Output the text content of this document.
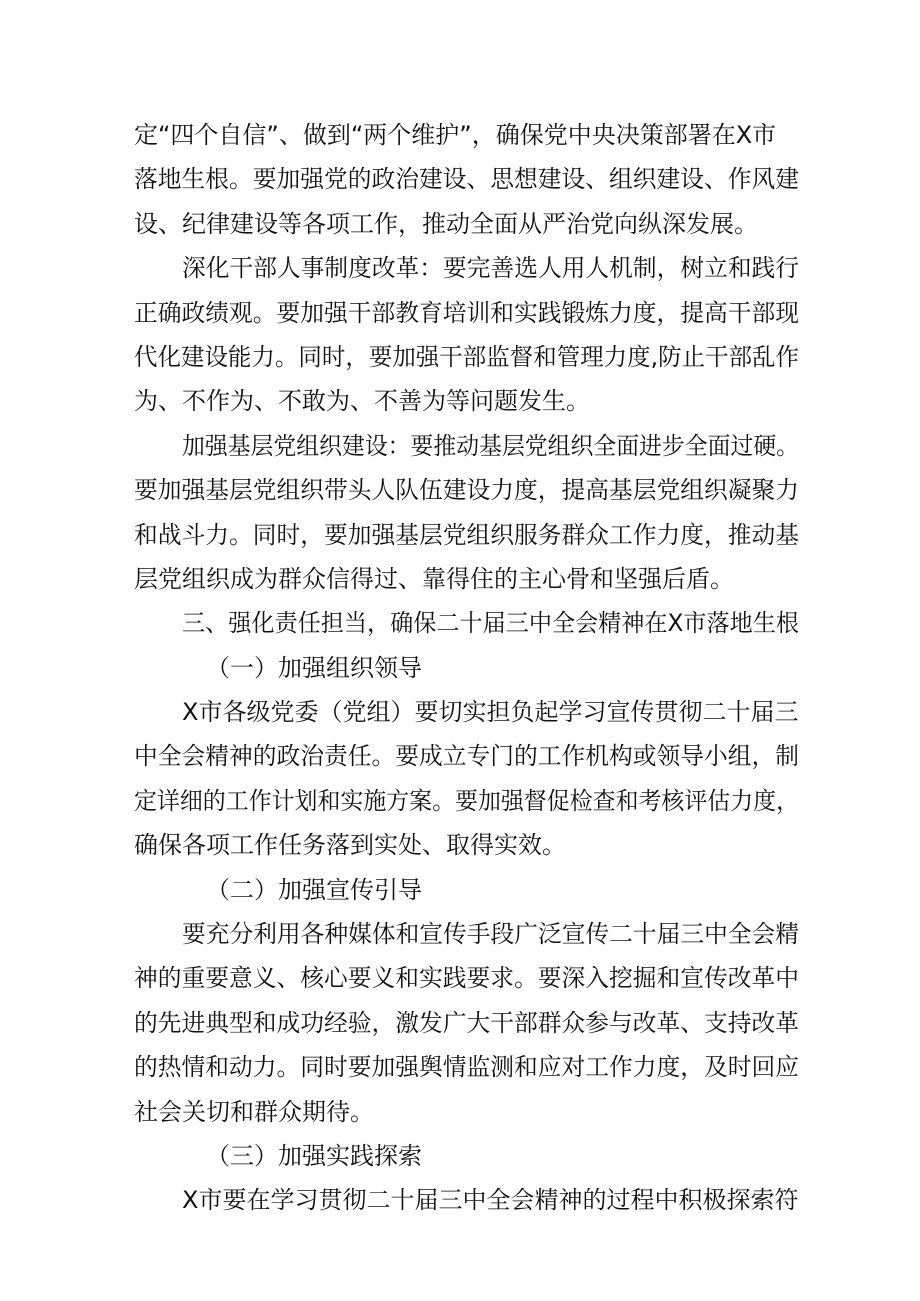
定“四个自信”、做到“两个维护”，确保党中央决策部署在X市
落地生根。要加强党的政治建设、思想建设、组织建设、作风建
设、纪律建设等各项工作，推动全面从严治党向纵深发展。
深化干部人事制度改革：要完善选人用人机制，树立和践行
正确政绩观。要加强干部教育培训和实践锻炼力度，提高干部现
代化建设能力。同时，要加强干部监督和管理力度,防止干部乱作
为、不作为、不敢为、不善为等问题发生。
加强基层党组织建设：要推动基层党组织全面进步全面过硬。
要加强基层党组织带头人队伍建设力度，提高基层党组织凝聚力
和战斗力。同时，要加强基层党组织服务群众工作力度，推动基
层党组织成为群众信得过、靠得住的主心骨和坚强后盾。
三、强化责任担当，确保二十届三中全会精神在X市落地生根
（一）加强组织领导
X市各级党委（党组）要切实担负起学习宣传贯彻二十届三
中全会精神的政治责任。要成立专门的工作机构或领导小组，制
定详细的工作计划和实施方案。要加强督促检查和考核评估力度，
确保各项工作任务落到实处、取得实效。
（二）加强宣传引导
要充分利用各种媒体和宣传手段广泛宣传二十届三中全会精
神的重要意义、核心要义和实践要求。要深入挖掘和宣传改革中
的先进典型和成功经验，激发广大干部群众参与改革、支持改革
的热情和动力。同时要加强舆情监测和应对工作力度，及时回应
社会关切和群众期待。
（三）加强实践探索
X市要在学习贯彻二十届三中全会精神的过程中积极探索符
